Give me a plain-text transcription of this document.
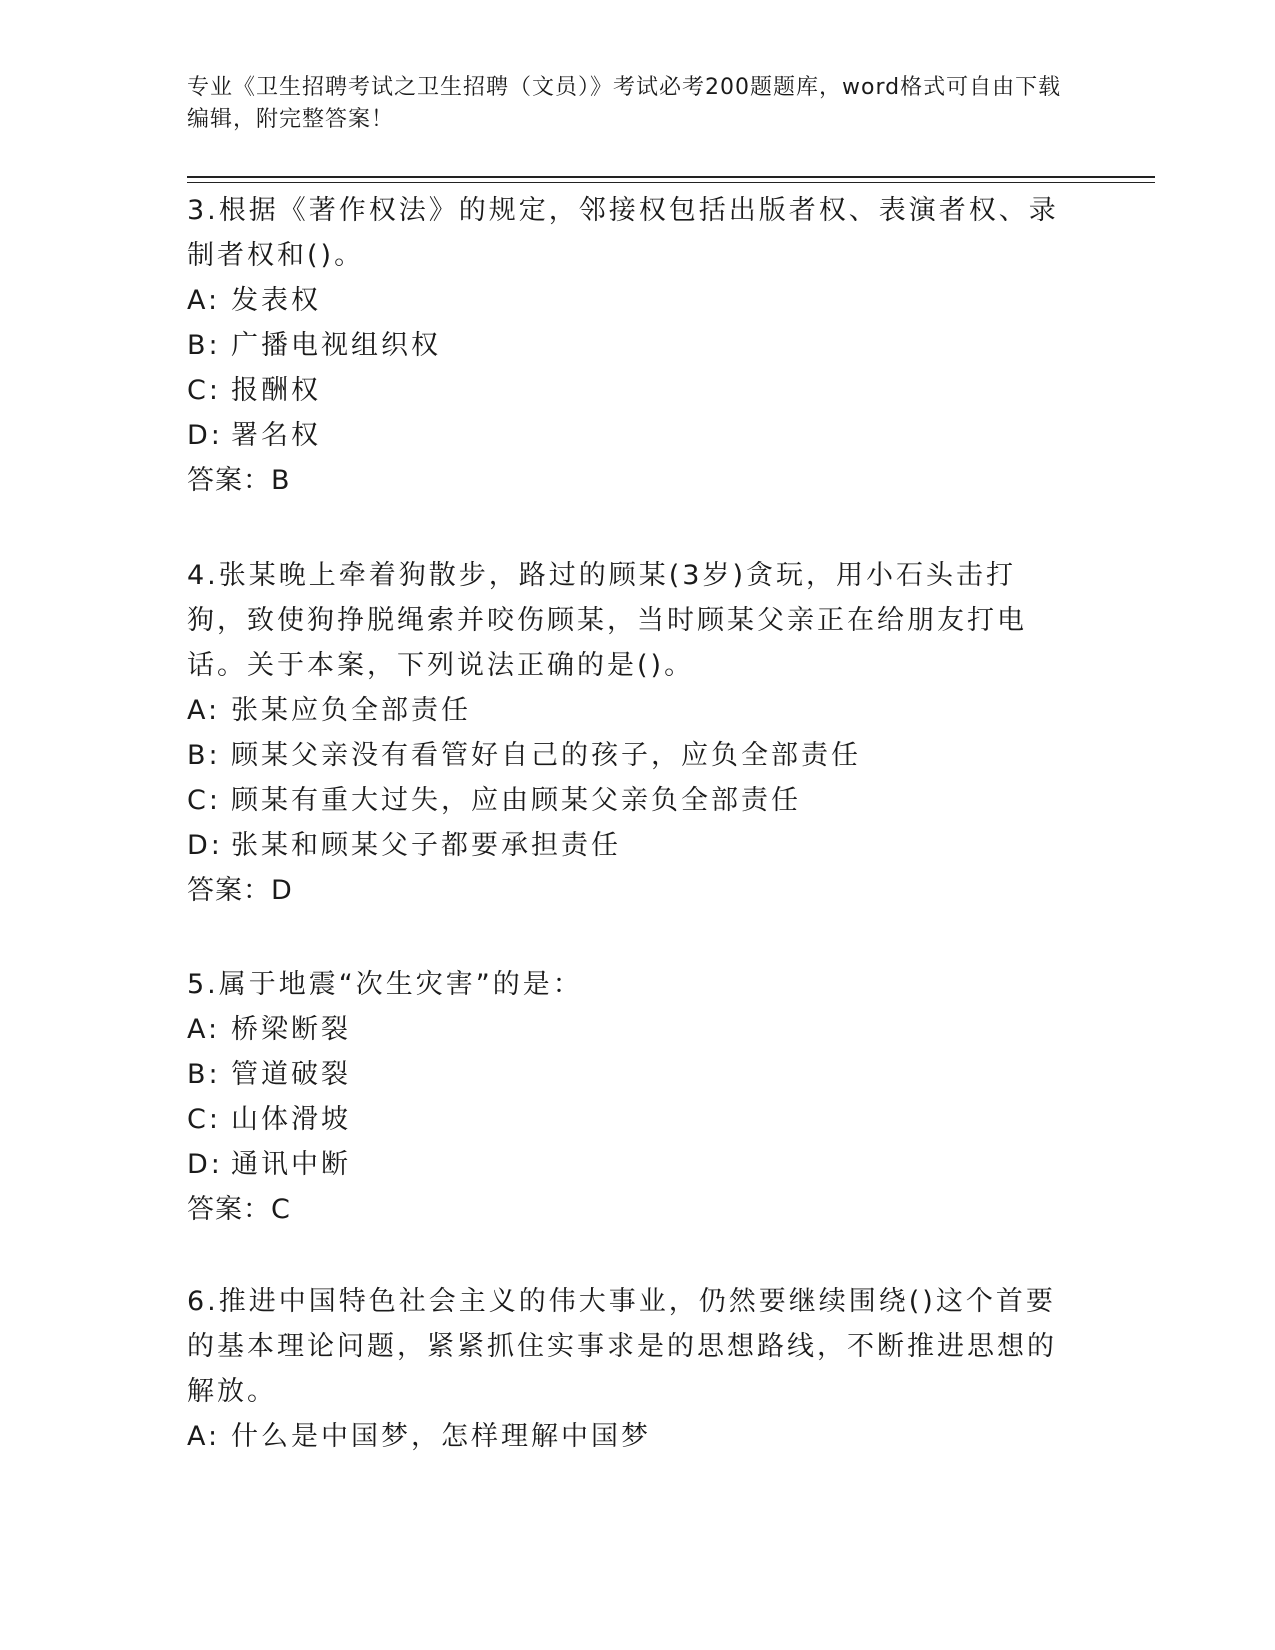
专业《卫生招聘考试之卫生招聘（文员）》考试必考200题题库，word格式可自由下载编辑，附完整答案！

3.根据《著作权法》的规定，邻接权包括出版者权、表演者权、录制者权和()。

A: 发表权

B: 广播电视组织权

C: 报酬权

D: 署名权

答案：B

4.张某晚上牵着狗散步，路过的顾某(3岁)贪玩，用小石头击打狗，致使狗挣脱绳索并咬伤顾某，当时顾某父亲正在给朋友打电话。关于本案，下列说法正确的是()。

A: 张某应负全部责任

B: 顾某父亲没有看管好自己的孩子，应负全部责任

C: 顾某有重大过失，应由顾某父亲负全部责任

D: 张某和顾某父子都要承担责任

答案：D

5.属于地震“次生灾害”的是：

A: 桥梁断裂

B: 管道破裂

C: 山体滑坡

D: 通讯中断

答案：C

6.推进中国特色社会主义的伟大事业，仍然要继续围绕()这个首要的基本理论问题，紧紧抓住实事求是的思想路线，不断推进思想的解放。

A: 什么是中国梦，怎样理解中国梦
